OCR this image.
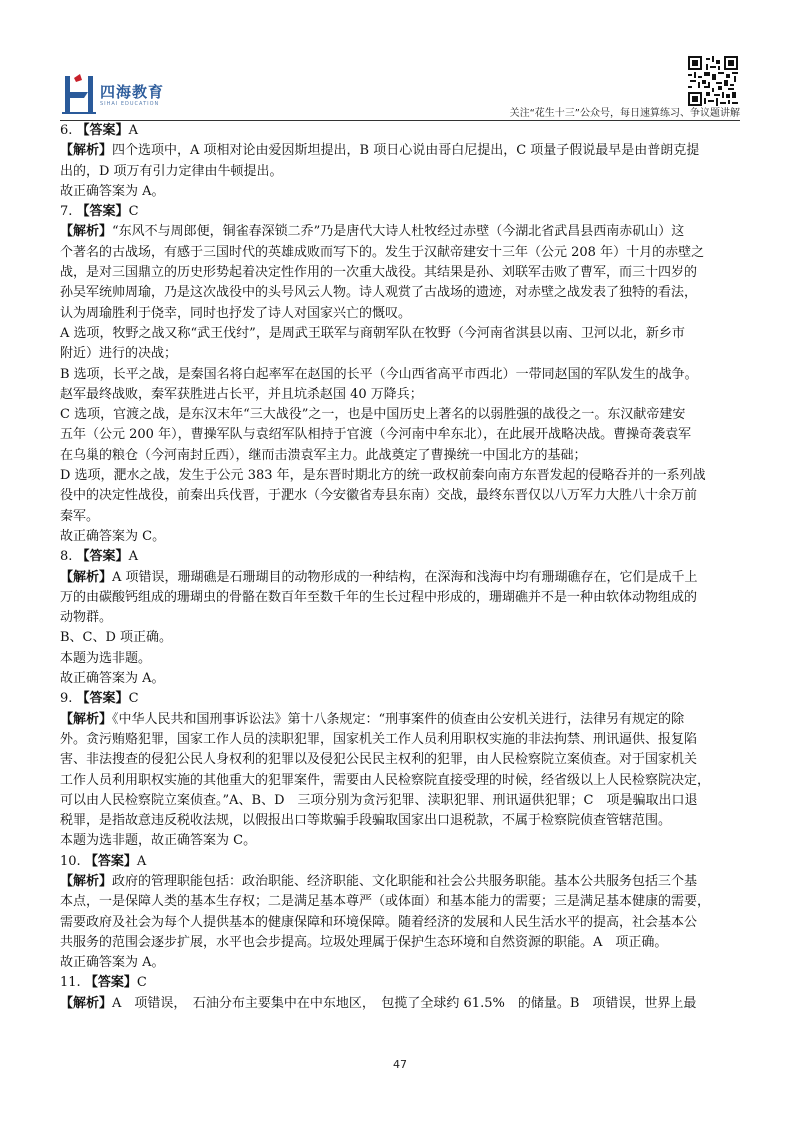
四海教育
SIHAI EDUCATION
关注“花生十三”公众号，每日速算练习、争议题讲解
6. 【答案】A
【解析】四个选项中，A 项相对论由爱因斯坦提出，B 项日心说由哥白尼提出，C 项量子假说最早是由普朗克提
出的，D 项万有引力定律由牛顿提出。
故正确答案为 A。
7. 【答案】C
【解析】“东风不与周郎便，铜雀春深锁二乔”乃是唐代大诗人杜牧经过赤壁（今湖北省武昌县西南赤矶山）这
个著名的古战场，有感于三国时代的英雄成败而写下的。发生于汉献帝建安十三年（公元 208 年）十月的赤壁之
战，是对三国鼎立的历史形势起着决定性作用的一次重大战役。其结果是孙、刘联军击败了曹军，而三十四岁的
孙吴军统帅周瑜，乃是这次战役中的头号风云人物。诗人观赏了古战场的遗迹，对赤壁之战发表了独特的看法，
认为周瑜胜利于侥幸，同时也抒发了诗人对国家兴亡的慨叹。
A 选项，牧野之战又称“武王伐纣”，是周武王联军与商朝军队在牧野（今河南省淇县以南、卫河以北，新乡市
附近）进行的决战；
B 选项，长平之战，是秦国名将白起率军在赵国的长平（今山西省高平市西北）一带同赵国的军队发生的战争。
赵军最终战败，秦军获胜进占长平，并且坑杀赵国 40 万降兵；
C 选项，官渡之战，是东汉末年“三大战役”之一，也是中国历史上著名的以弱胜强的战役之一。东汉献帝建安
五年（公元 200 年），曹操军队与袁绍军队相持于官渡（今河南中牟东北），在此展开战略决战。曹操奇袭袁军
在乌巢的粮仓（今河南封丘西），继而击溃袁军主力。此战奠定了曹操统一中国北方的基础；
D 选项，淝水之战，发生于公元 383 年，是东晋时期北方的统一政权前秦向南方东晋发起的侵略吞并的一系列战
役中的决定性战役，前秦出兵伐晋，于淝水（今安徽省寿县东南）交战，最终东晋仅以八万军力大胜八十余万前
秦军。
故正确答案为 C。
8. 【答案】A
【解析】A 项错误，珊瑚礁是石珊瑚目的动物形成的一种结构，在深海和浅海中均有珊瑚礁存在，它们是成千上
万的由碳酸钙组成的珊瑚虫的骨骼在数百年至数千年的生长过程中形成的，珊瑚礁并不是一种由软体动物组成的
动物群。
B、C、D 项正确。
本题为选非题。
故正确答案为 A。
9. 【答案】C
【解析】《中华人民共和国刑事诉讼法》第十八条规定：“刑事案件的侦查由公安机关进行，法律另有规定的除
外。贪污贿赂犯罪，国家工作人员的渎职犯罪，国家机关工作人员利用职权实施的非法拘禁、刑讯逼供、报复陷
害、非法搜查的侵犯公民人身权利的犯罪以及侵犯公民民主权利的犯罪，由人民检察院立案侦查。对于国家机关
工作人员利用职权实施的其他重大的犯罪案件，需要由人民检察院直接受理的时候，经省级以上人民检察院决定，
可以由人民检察院立案侦查。”A、B、D　三项分别为贪污犯罪、渎职犯罪、刑讯逼供犯罪；C　项是骗取出口退
税罪，是指故意违反税收法规，以假报出口等欺骗手段骗取国家出口退税款，不属于检察院侦查管辖范围。
本题为选非题，故正确答案为 C。
10. 【答案】A
【解析】政府的管理职能包括：政治职能、经济职能、文化职能和社会公共服务职能。基本公共服务包括三个基
本点，一是保障人类的基本生存权；二是满足基本尊严（或体面）和基本能力的需要；三是满足基本健康的需要，
需要政府及社会为每个人提供基本的健康保障和环境保障。随着经济的发展和人民生活水平的提高，社会基本公
共服务的范围会逐步扩展，水平也会步提高。垃圾处理属于保护生态环境和自然资源的职能。A　项正确。
故正确答案为 A。
11. 【答案】C
【解析】A　项错误，　石油分布主要集中在中东地区，　包揽了全球约 61.5%　的储量。B　项错误，世界上最
47
